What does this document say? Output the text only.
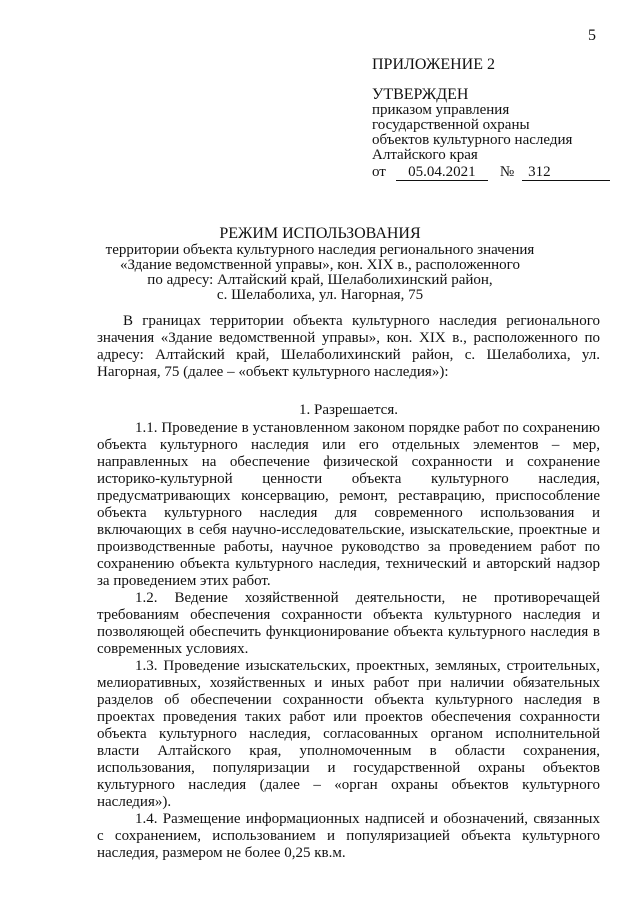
5
ПРИЛОЖЕНИЕ 2
УТВЕРЖДЕН
приказом управления
государственной охраны
объектов культурного наследия
Алтайского края
от	05.04.2021	№ 312
РЕЖИМ ИСПОЛЬЗОВАНИЯ
территории объекта культурного наследия регионального значения
«Здание ведомственной управы», кон. XIX в., расположенного
по адресу: Алтайский край, Шелаболихинский район,
с. Шелаболиха, ул. Нагорная, 75

В границах территории объекта культурного наследия регионального значения «Здание ведомственной управы», кон. XIX в., расположенного по адресу: Алтайский край, Шелаболихинский район, с. Шелаболиха, ул. Нагорная, 75 (далее – «объект культурного наследия»):

1. Разрешается.

1.1. Проведение в установленном законом порядке работ по сохранению объекта культурного наследия или его отдельных элементов – мер, направленных на обеспечение физической сохранности и сохранение историко-культурной ценности объекта культурного наследия, предусматривающих консервацию, ремонт, реставрацию, приспособление объекта культурного наследия для современного использования и включающих в себя научно-исследовательские, изыскательские, проектные и производственные работы, научное руководство за проведением работ по сохранению объекта культурного наследия, технический и авторский надзор за проведением этих работ.

1.2. Ведение хозяйственной деятельности, не противоречащей требованиям обеспечения сохранности объекта культурного наследия и позволяющей обеспечить функционирование объекта культурного наследия в современных условиях.

1.3. Проведение изыскательских, проектных, земляных, строительных, мелиоративных, хозяйственных и иных работ при наличии обязательных разделов об обеспечении сохранности объекта культурного наследия в проектах проведения таких работ или проектов обеспечения сохранности объекта культурного наследия, согласованных органом исполнительной власти Алтайского края, уполномоченным в области сохранения, использования, популяризации и государственной охраны объектов культурного наследия (далее – «орган охраны объектов культурного наследия»).

1.4. Размещение информационных надписей и обозначений, связанных с сохранением, использованием и популяризацией объекта культурного наследия, размером не более 0,25 кв.м.
